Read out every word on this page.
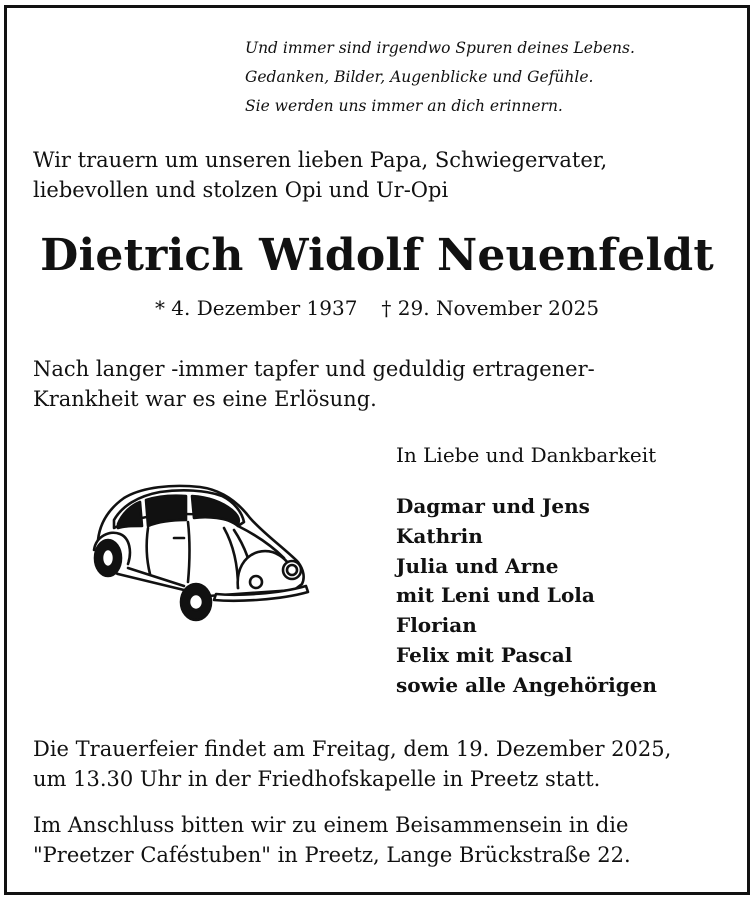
Und immer sind irgendwo Spuren deines Lebens.
Gedanken, Bilder, Augenblicke und Gefühle.
Sie werden uns immer an dich erinnern.
Wir trauern um unseren lieben Papa, Schwiegervater,
liebevollen und stolzen Opi und Ur-Opi
Dietrich Widolf Neuenfeldt
* 4. Dezember 1937 † 29. November 2025
Nach langer -immer tapfer und geduldig ertragener-
Krankheit war es eine Erlösung.
In Liebe und Dankbarkeit
Dagmar und Jens
Kathrin
Julia und Arne
mit Leni und Lola
Florian
Felix mit Pascal
sowie alle Angehörigen
Die Trauerfeier findet am Freitag, dem 19. Dezember 2025,
um 13.30 Uhr in der Friedhofskapelle in Preetz statt.
Im Anschluss bitten wir zu einem Beisammensein in die
"Preetzer Caféstuben" in Preetz, Lange Brückstraße 22.
